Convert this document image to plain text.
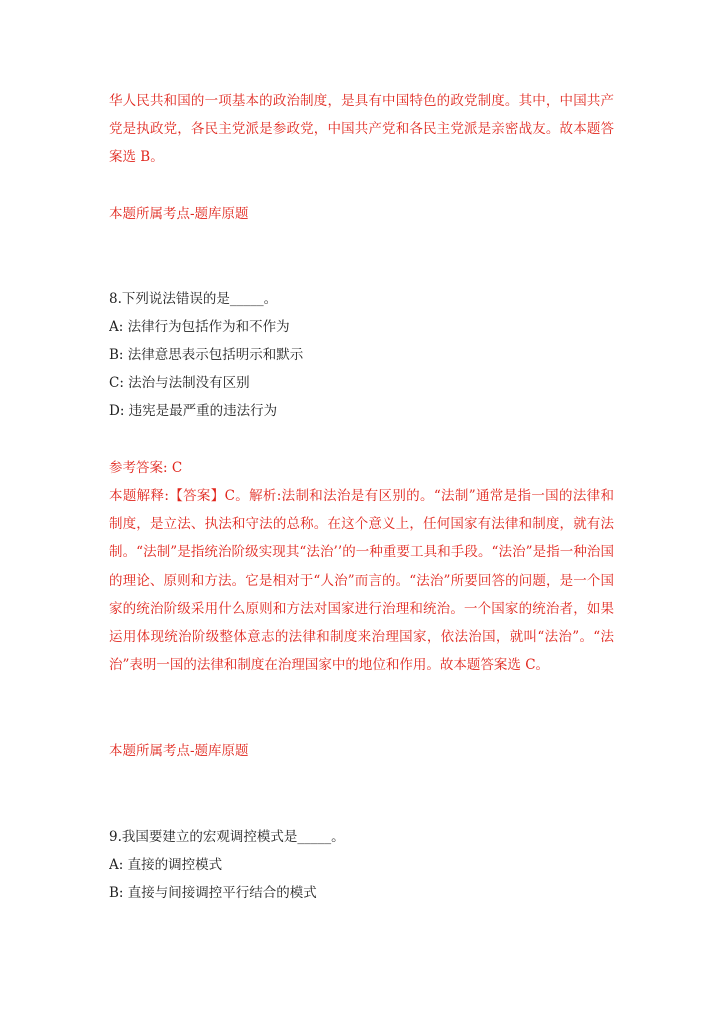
华人民共和国的一项基本的政治制度，是具有中国特色的政党制度。其中，中国共产党是执政党，各民主党派是参政党，中国共产党和各民主党派是亲密战友。故本题答案选 B。
本题所属考点-题库原题
8.下列说法错误的是_____。
A: 法律行为包括作为和不作为
B: 法律意思表示包括明示和默示
C: 法治与法制没有区别
D: 违宪是最严重的违法行为
参考答案: C
本题解释:【答案】C。解析:法制和法治是有区别的。“法制”通常是指一国的法律和制度，是立法、执法和守法的总称。在这个意义上，任何国家有法律和制度，就有法制。“法制”是指统治阶级实现其“法治’’的一种重要工具和手段。“法治”是指一种治国的理论、原则和方法。它是相对于“人治”而言的。“法治”所要回答的问题，是一个国家的统治阶级采用什么原则和方法对国家进行治理和统治。一个国家的统治者，如果运用体现统治阶级整体意志的法律和制度来治理国家，依法治国，就叫“法治”。“法治”表明一国的法律和制度在治理国家中的地位和作用。故本题答案选 C。
本题所属考点-题库原题
9.我国要建立的宏观调控模式是_____。
A: 直接的调控模式
B: 直接与间接调控平行结合的模式
